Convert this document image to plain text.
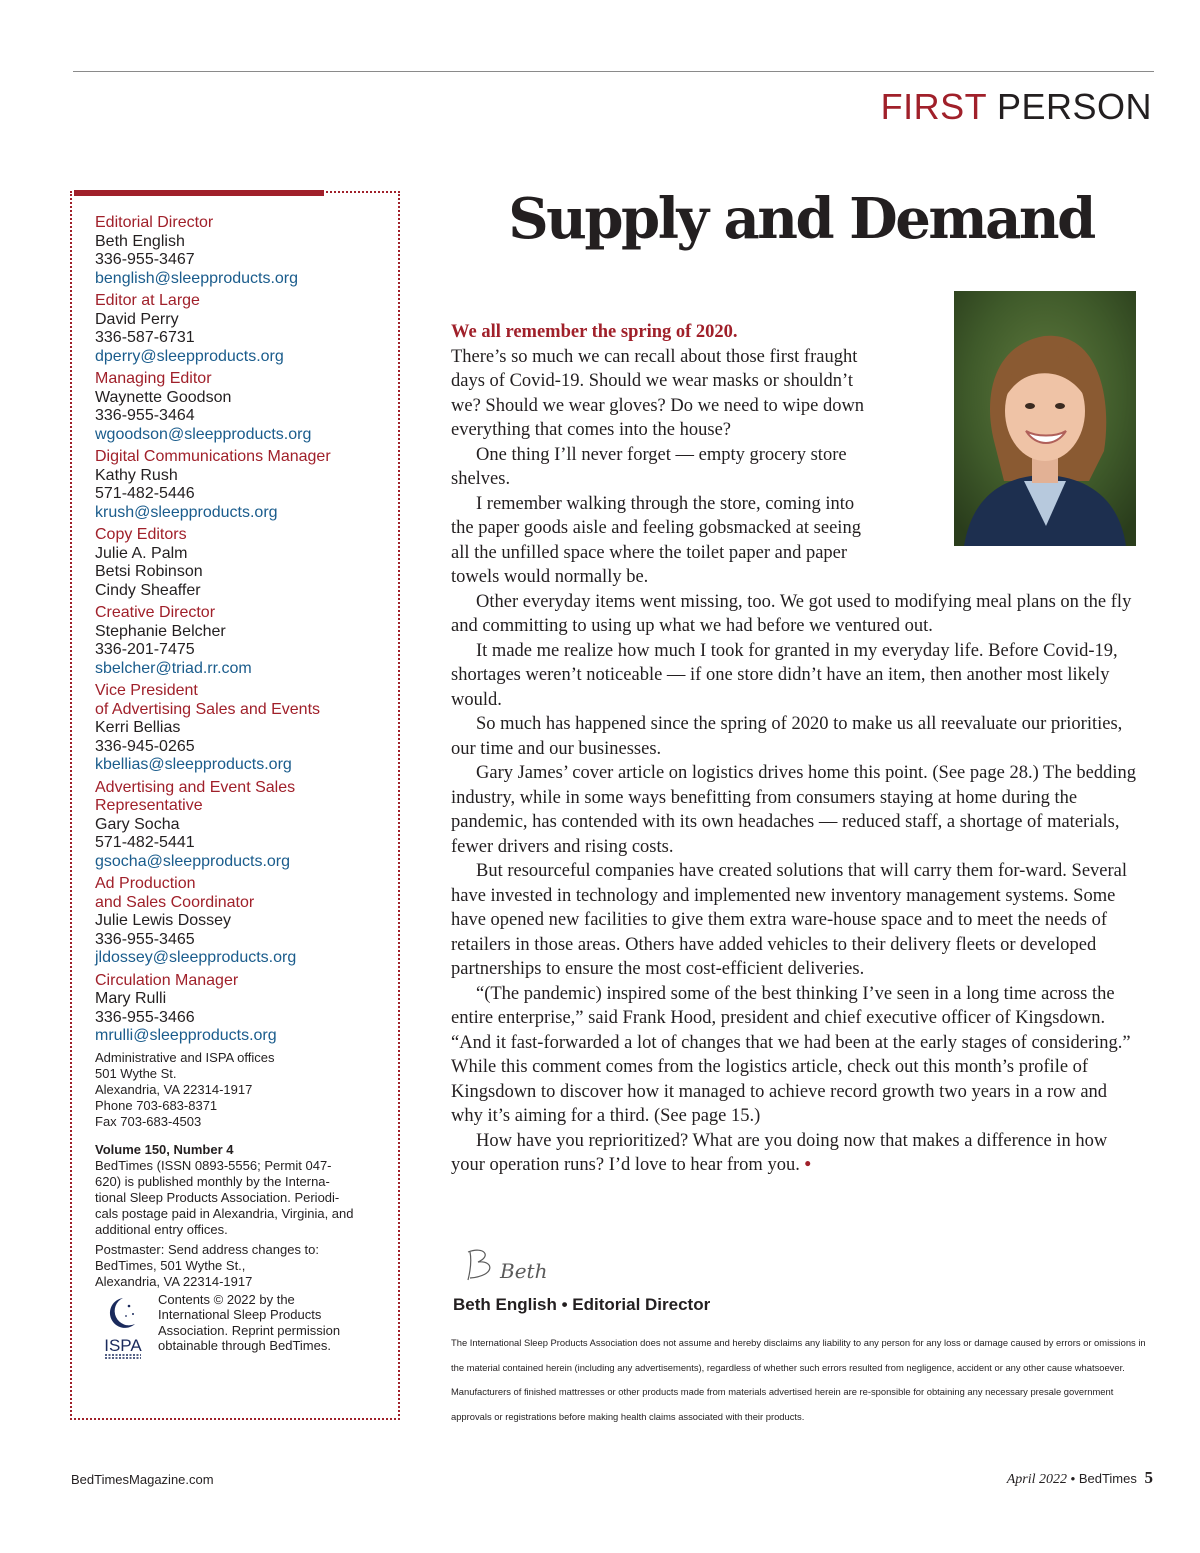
FIRST PERSON
Editorial Director
Beth English
336-955-3467
benglish@sleepproducts.org
Editor at Large
David Perry
336-587-6731
dperry@sleepproducts.org
Managing Editor
Waynette Goodson
336-955-3464
wgoodson@sleepproducts.org
Digital Communications Manager
Kathy Rush
571-482-5446
krush@sleepproducts.org
Copy Editors
Julie A. Palm
Betsi Robinson
Cindy Sheaffer
Creative Director
Stephanie Belcher
336-201-7475
sbelcher@triad.rr.com
Vice President
of Advertising Sales and Events
Kerri Bellias
336-945-0265
kbellias@sleepproducts.org
Advertising and Event Sales
Representative
Gary Socha
571-482-5441
gsocha@sleepproducts.org
Ad Production
and Sales Coordinator
Julie Lewis Dossey
336-955-3465
jldossey@sleepproducts.org
Circulation Manager
Mary Rulli
336-955-3466
mrulli@sleepproducts.org
Administrative and ISPA offices
501 Wythe St.
Alexandria, VA 22314-1917
Phone 703-683-8371
Fax 703-683-4503
Volume 150, Number 4
BedTimes (ISSN 0893-5556; Permit 047-
620) is published monthly by the Interna-
tional Sleep Products Association. Periodi-
cals postage paid in Alexandria, Virginia, and
additional entry offices.
Postmaster: Send address changes to:
BedTimes, 501 Wythe St.,
Alexandria, VA 22314-1917
ISPA
Contents © 2022 by the
International Sleep Products
Association. Reprint permission
obtainable through BedTimes.
Supply and Demand
We all remember the spring of 2020.
There’s so much we can recall about those first fraught
days of Covid-19. Should we wear masks or shouldn’t
we? Should we wear gloves? Do we need to wipe down
everything that comes into the house?
One thing I’ll never forget — empty grocery store
shelves.
I remember walking through the store, coming into
the paper goods aisle and feeling gobsmacked at seeing
all the unfilled space where the toilet paper and paper
towels would normally be.

Other everyday items went missing, too. We got used to modifying meal plans on the fly and committing to using up what we had before we ventured out.

It made me realize how much I took for granted in my everyday life. Before Covid-19, shortages weren’t noticeable — if one store didn’t have an item, then another most likely would.

So much has happened since the spring of 2020 to make us all reevaluate our priorities, our time and our businesses.

Gary James’ cover article on logistics drives home this point. (See page 28.) The bedding industry, while in some ways benefitting from consumers staying at home during the pandemic, has contended with its own headaches — reduced staff, a shortage of materials, fewer drivers and rising costs.

But resourceful companies have created solutions that will carry them for-ward. Several have invested in technology and implemented new inventory management systems. Some have opened new facilities to give them extra ware-house space and to meet the needs of retailers in those areas. Others have added vehicles to their delivery fleets or developed partnerships to ensure the most cost-efficient deliveries.

“(The pandemic) inspired some of the best thinking I’ve seen in a long time across the entire enterprise,” said Frank Hood, president and chief executive officer of Kingsdown. “And it fast-forwarded a lot of changes that we had been at the early stages of considering.” While this comment comes from the logistics article, check out this month’s profile of Kingsdown to discover how it managed to achieve record growth two years in a row and why it’s aiming for a third. (See page 15.)

How have you reprioritized? What are you doing now that makes a difference in how your operation runs? I’d love to hear from you. •

Beth
Beth English • Editorial Director
The International Sleep Products Association does not assume and hereby disclaims any liability to any person for any loss or damage caused by errors or omissions in the material contained herein (including any advertisements), regardless of whether such errors resulted from negligence, accident or any other cause whatsoever. Manufacturers of finished mattresses or other products made from materials advertised herein are re-sponsible for obtaining any necessary presale government approvals or registrations before making health claims associated with their products.
BedTimesMagazine.com	April 2022 • BedTimes 5
